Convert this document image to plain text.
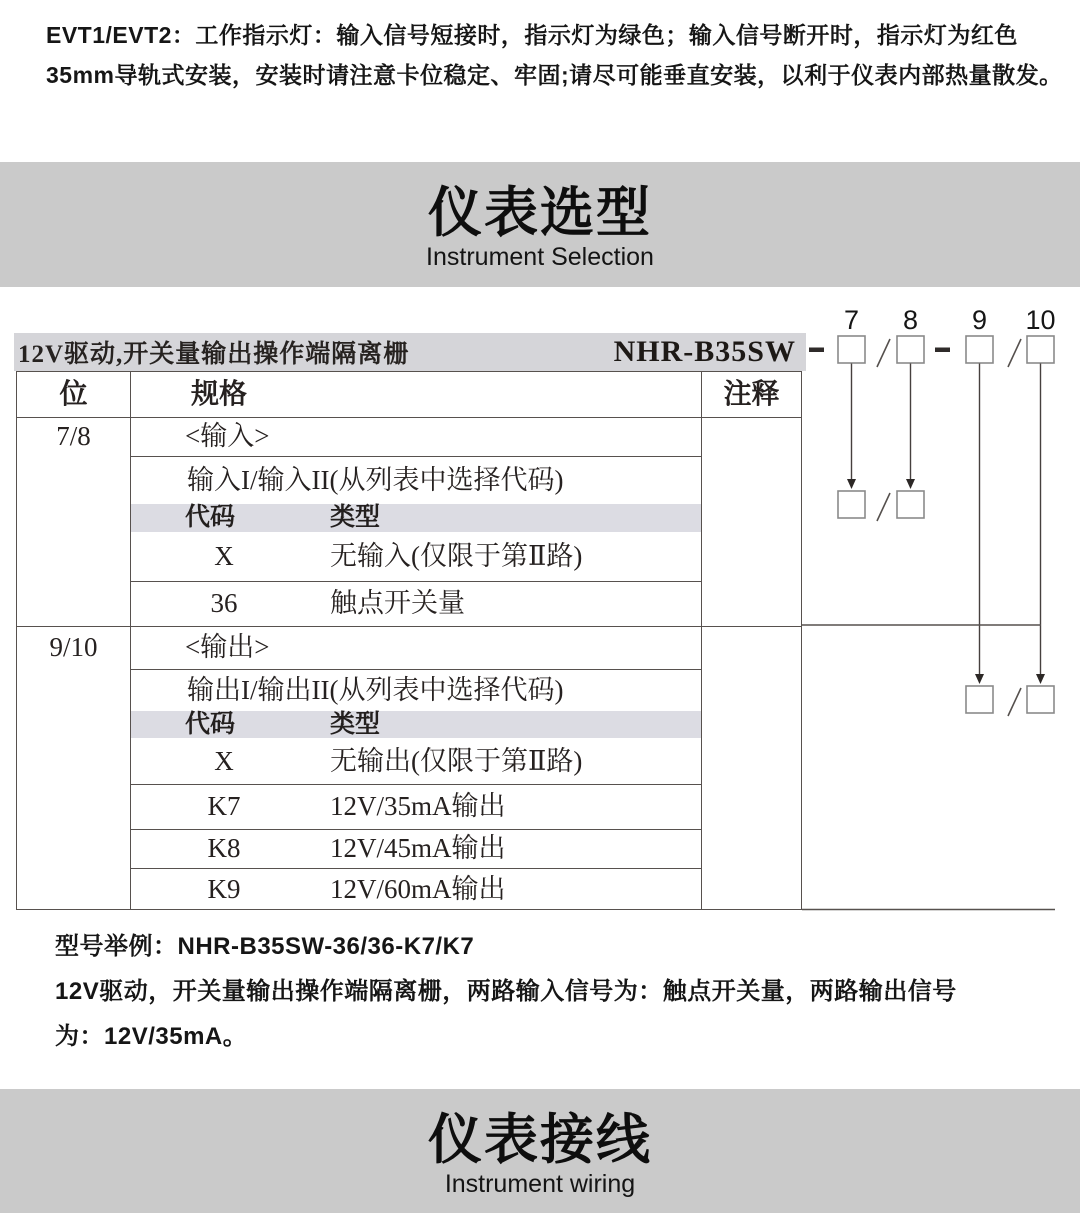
EVT1/EVT2：工作指示灯：输入信号短接时，指示灯为绿色；输入信号断开时，指示灯为红色
35mm导轨式安装，安装时请注意卡位稳定、牢固;请尽可能垂直安装，以利于仪表内部热量散发。
仪表选型
Instrument Selection
12V驱动,开关量输出操作端隔离栅	NHR-B35SW
位	规格	注释
7/8	<输入>
输入I/输入II(从列表中选择代码)
代码	类型
X	无输入(仅限于第Ⅱ路)
36	触点开关量
9/10	<输出>
输出I/输出II(从列表中选择代码)
代码	类型
X	无输出(仅限于第Ⅱ路)
K7	12V/35mA输出
K8	12V/45mA输出
K9	12V/60mA输出
7 8 9 10
型号举例：NHR-B35SW-36/36-K7/K7
12V驱动，开关量输出操作端隔离栅，两路输入信号为：触点开关量，两路输出信号
为：12V/35mA。
仪表接线
Instrument wiring
